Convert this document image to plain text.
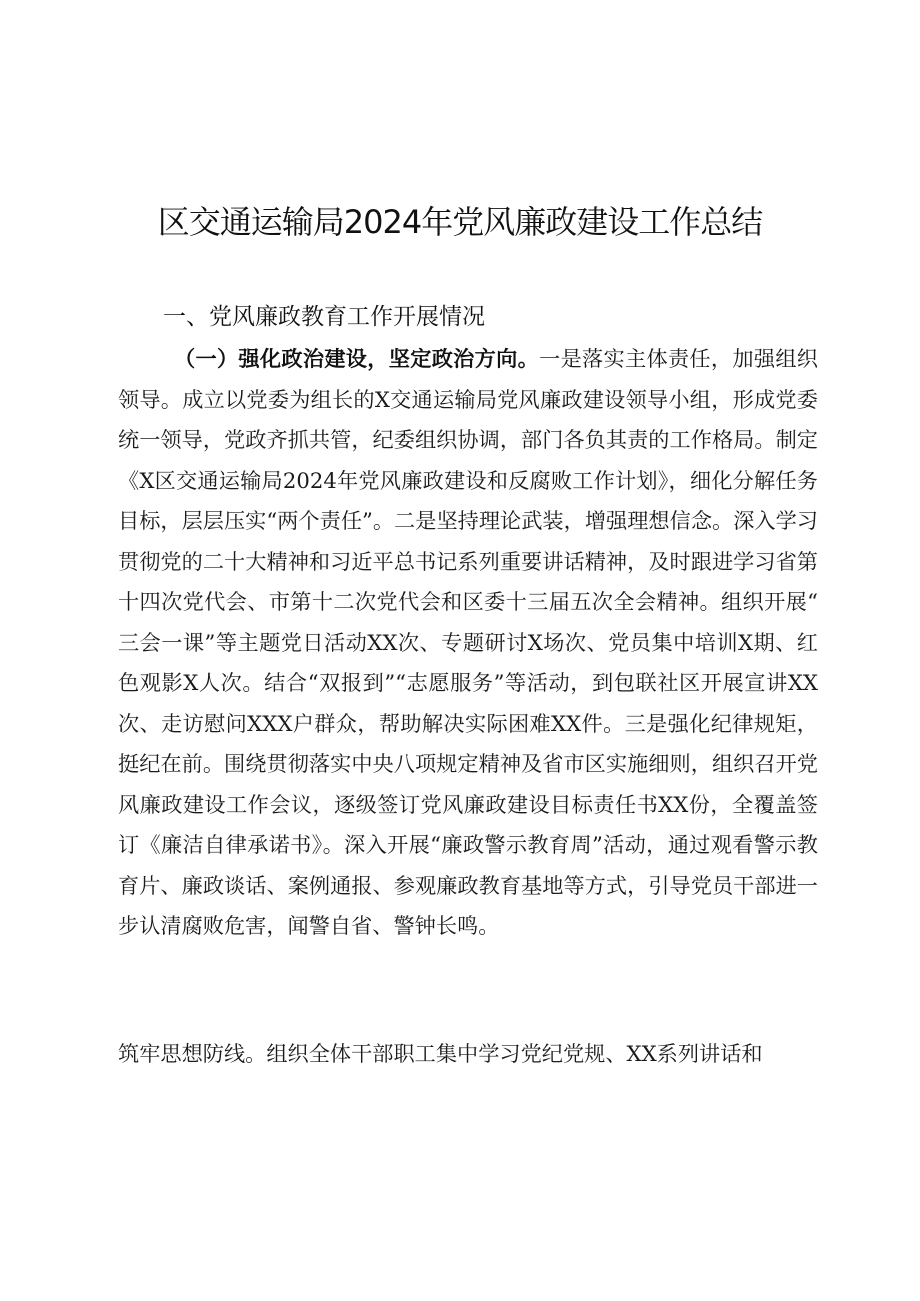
区交通运输局2024年党风廉政建设工作总结
一、党风廉政教育工作开展情况

（一）强化政治建设，坚定政治方向。一是落实主体责任，加强组织领导。成立以党委为组长的X交通运输局党风廉政建设领导小组，形成党委统一领导，党政齐抓共管，纪委组织协调，部门各负其责的工作格局。制定《X区交通运输局2024年党风廉政建设和反腐败工作计划》，细化分解任务目标，层层压实“两个责任”。二是坚持理论武装，增强理想信念。深入学习贯彻党的二十大精神和习近平总书记系列重要讲话精神，及时跟进学习省第十四次党代会、市第十二次党代会和区委十三届五次全会精神。组织开展“三会一课”等主题党日活动XX次、专题研讨X场次、党员集中培训X期、红色观影X人次。结合“双报到”“志愿服务”等活动，到包联社区开展宣讲XX次、走访慰问XXX户群众，帮助解决实际困难XX件。三是强化纪律规矩，挺纪在前。围绕贯彻落实中央八项规定精神及省市区实施细则，组织召开党风廉政建设工作会议，逐级签订党风廉政建设目标责任书XX份，全覆盖签订《廉洁自律承诺书》。深入开展“廉政警示教育周”活动，通过观看警示教育片、廉政谈话、案例通报、参观廉政教育基地等方式，引导党员干部进一步认清腐败危害，闻警自省、警钟长鸣。

筑牢思想防线。组织全体干部职工集中学习党纪党规、XX系列讲话和
